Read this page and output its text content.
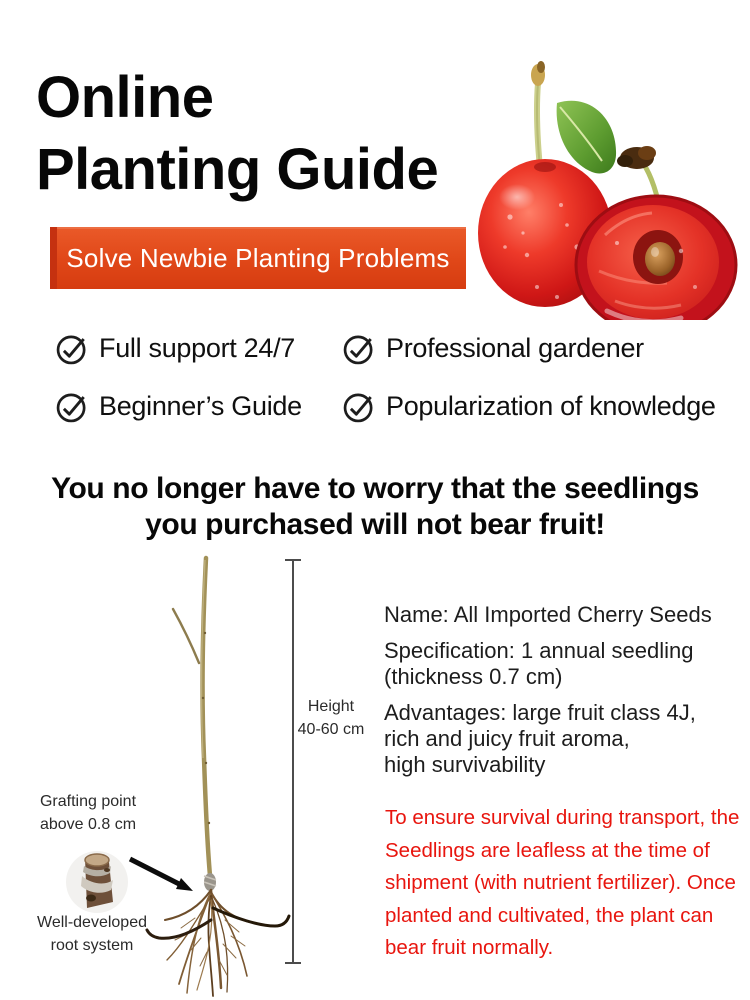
Online
Planting Guide
Solve Newbie Planting Problems
Full support 24/7	Professional gardener
Beginner’s Guide	Popularization of knowledge
You no longer have to worry that the seedlings
you purchased will not bear fruit!
Height
40-60 cm
Grafting point
above 0.8 cm
Well-developed
root system

Name: All Imported Cherry Seeds

Specification: 1 annual seedling
(thickness 0.7 cm)

Advantages: large fruit class 4J,
rich and juicy fruit aroma,
high survivability

To ensure survival during transport, the
Seedlings are leafless at the time of
shipment (with nutrient fertilizer). Once
planted and cultivated, the plant can
bear fruit normally.
